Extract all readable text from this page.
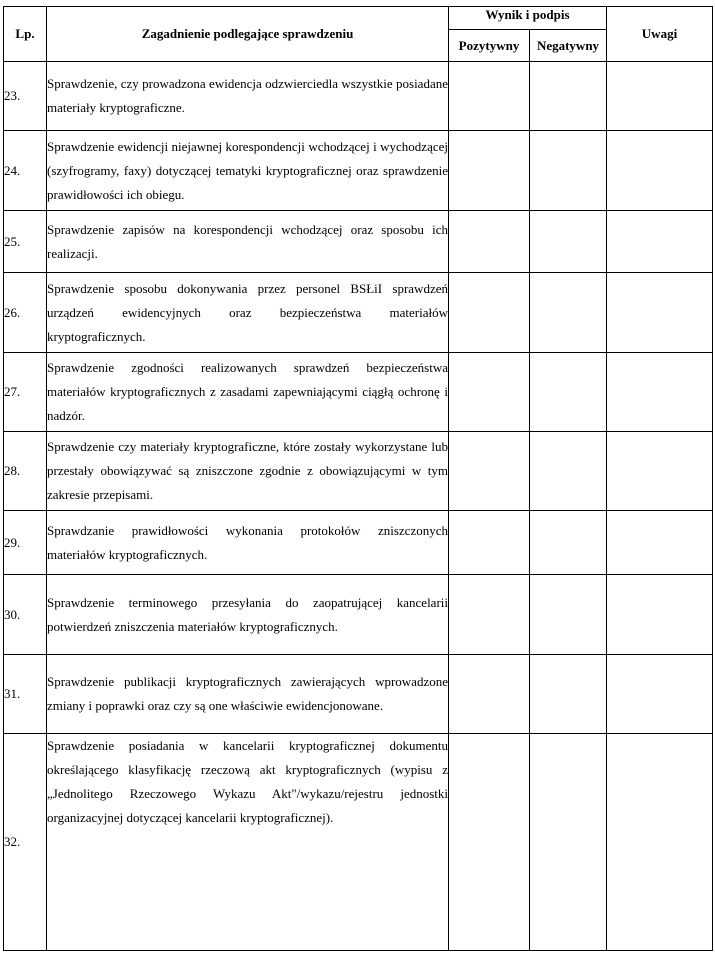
Lp.	Zagadnienie podlegające sprawdzeniu	Wynik i podpis		Uwagi
		Pozytywny	Negatywny	
23.	Sprawdzenie, czy prowadzona ewidencja odzwierciedla wszystkie posiadane materiały kryptograficzne.			
24.	Sprawdzenie ewidencji niejawnej korespondencji wchodzącej i wychodzącej (szyfrogramy, faxy) dotyczącej tematyki kryptograficznej oraz sprawdzenie prawidłowości ich obiegu.			
25.	Sprawdzenie zapisów na korespondencji wchodzącej oraz sposobu ich realizacji.			
26.	Sprawdzenie sposobu dokonywania przez personel BSŁiI sprawdzeń urządzeń ewidencyjnych oraz bezpieczeństwa materiałów kryptograficznych.			
27.	Sprawdzenie zgodności realizowanych sprawdzeń bezpieczeństwa materiałów kryptograficznych z zasadami zapewniającymi ciągłą ochronę i nadzór.			
28.	Sprawdzenie czy materiały kryptograficzne, które zostały wykorzystane lub przestały obowiązywać są zniszczone zgodnie z obowiązującymi w tym zakresie przepisami.			
29.	Sprawdzanie prawidłowości wykonania protokołów zniszczonych materiałów kryptograficznych.			
30.	Sprawdzenie terminowego przesyłania do zaopatrującej kancelarii potwierdzeń zniszczenia materiałów kryptograficznych.			
31.	Sprawdzenie publikacji kryptograficznych zawierających wprowadzone zmiany i poprawki oraz czy są one właściwie ewidencjonowane.			
32.	Sprawdzenie posiadania w kancelarii kryptograficznej dokumentu określającego klasyfikację rzeczową akt kryptograficznych (wypisu z „Jednolitego Rzeczowego Wykazu Akt"/wykazu/rejestru jednostki organizacyjnej dotyczącej kancelarii kryptograficznej).			
